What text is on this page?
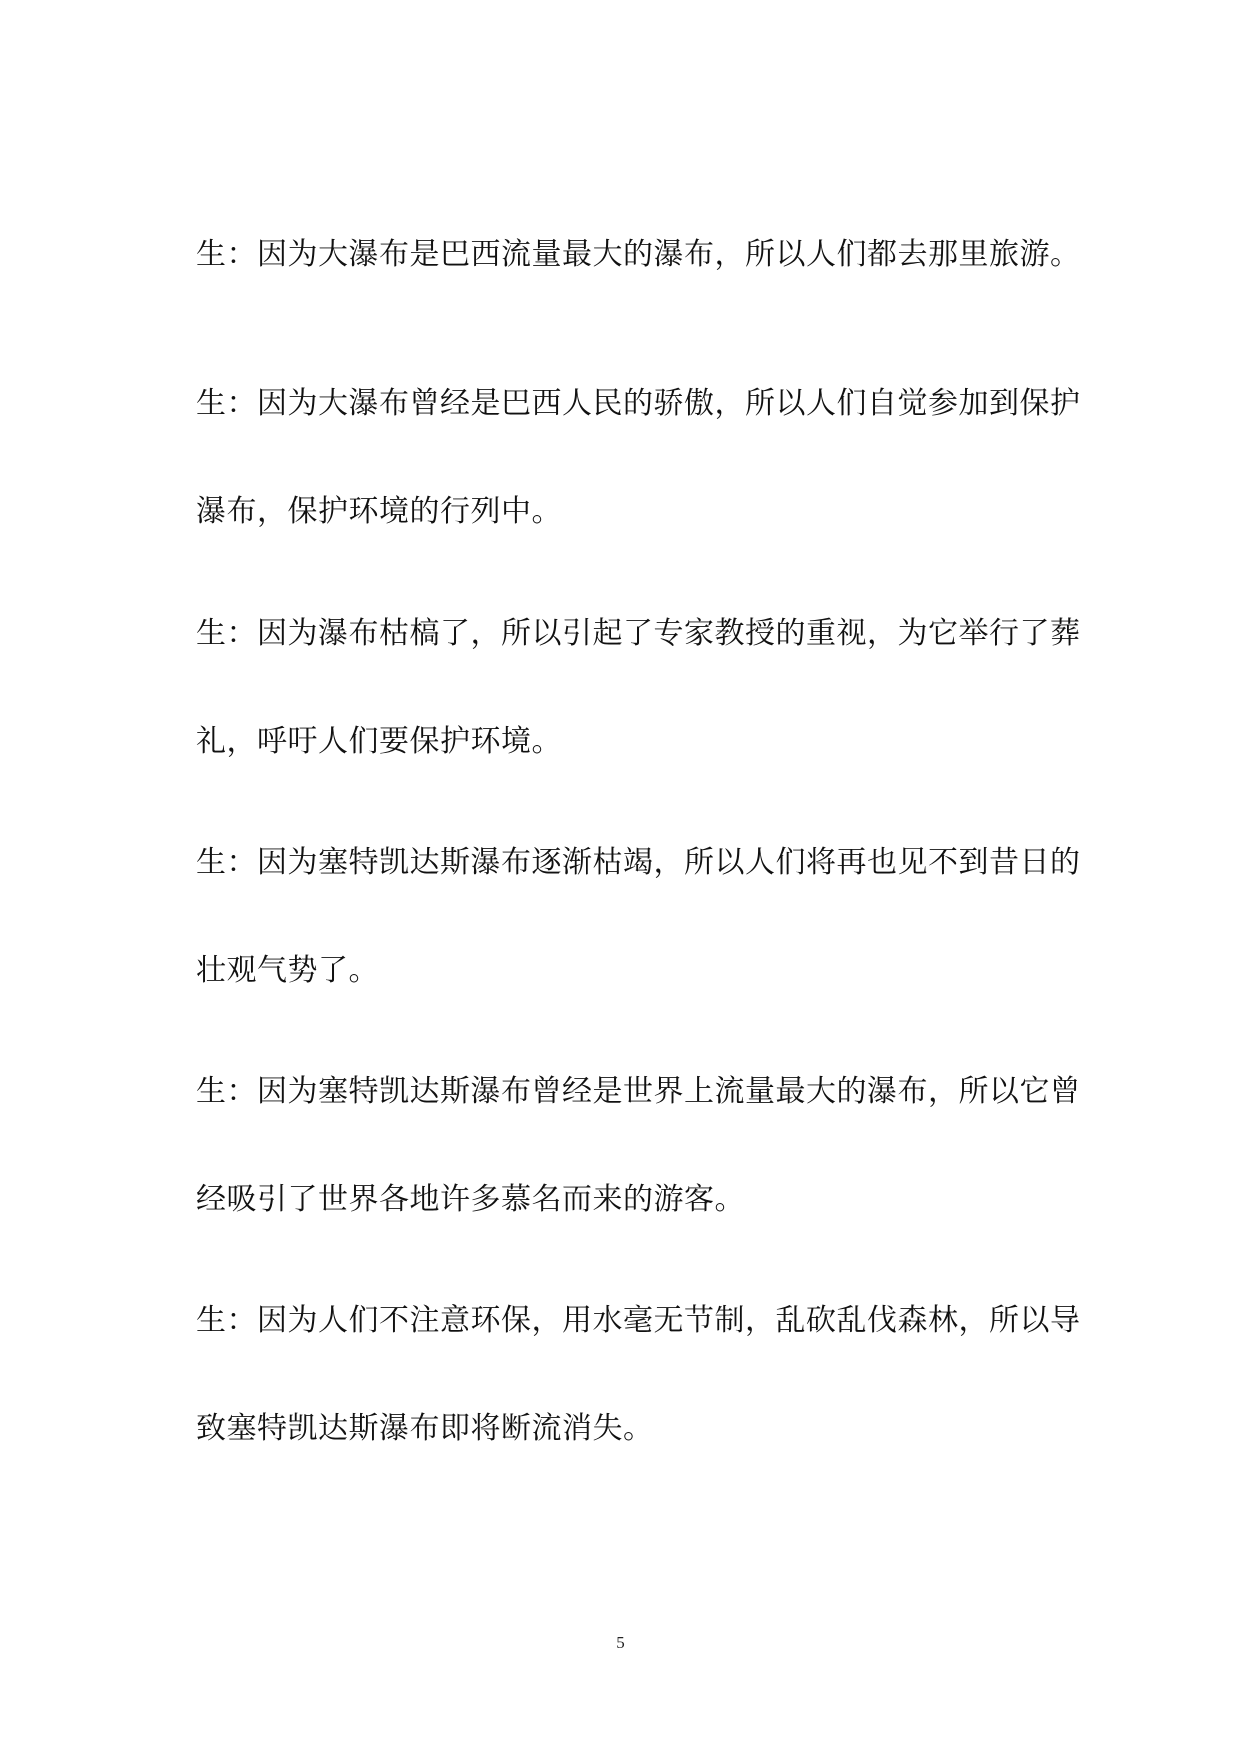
生：因为大瀑布是巴西流量最大的瀑布，所以人们都去那里旅游。
生：因为大瀑布曾经是巴西人民的骄傲，所以人们自觉参加到保护
瀑布，保护环境的行列中。
生：因为瀑布枯槁了，所以引起了专家教授的重视，为它举行了葬
礼，呼吁人们要保护环境。
生：因为塞特凯达斯瀑布逐渐枯竭，所以人们将再也见不到昔日的
壮观气势了。
生：因为塞特凯达斯瀑布曾经是世界上流量最大的瀑布，所以它曾
经吸引了世界各地许多慕名而来的游客。
生：因为人们不注意环保，用水毫无节制，乱砍乱伐森林，所以导
致塞特凯达斯瀑布即将断流消失。
5
